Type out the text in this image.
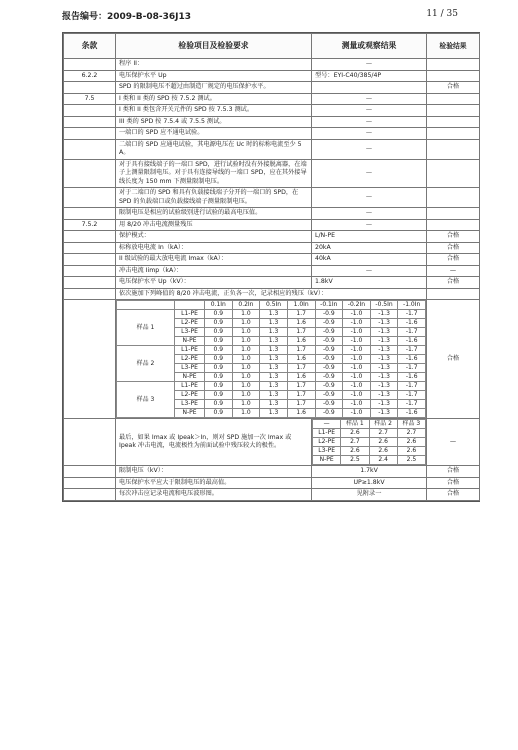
报告编号：2009-B-08-36J13	11 / 35
条款	检验项目及检验要求	测量或观察结果	检验结果
	程序 II：	—	
6.2.2	电压保护水平 Up	型号：EYI-C40/385/4P	
	SPD 的限制电压不超过由制造厂规定的电压保护水平。		合格
7.5	I 类和 II 类的 SPD 按 7.5.2 测试。	—	
	I 类和 II 类包含开关元件的 SPD 按 7.5.3 测试。	—	
	III 类的 SPD 按 7.5.4 或 7.5.5 测试。	—	
	一端口的 SPD 应不通电试验。	—	
	二端口的 SPD 应通电试验，其电源电压在 Uc 时的标称电流至少 5 A。	—	
	对于具有接线端子的一端口 SPD，进行试验时没有外接脱离器，在端子上测量限制电压。对于具有连接导线的一端口 SPD，应在其外接导线长度为 150 mm 下测量限制电压。	—	
	对于二端口的 SPD 和具有负载接线端子分开的一端口的 SPD，在 SPD 的负载端口或负载接线端子测量限制电压。	—	
	限制电压是相应的试验级别进行试验的最高电压值。	—	
7.5.2	用 8/20 冲击电流测量残压	—	
	保护模式：	L/N-PE	合格
	标称放电电流 In（kA）：	20kA	合格
	II 级试验的最大放电电流 Imax（kA）：	40kA	合格
	冲击电流 Iimp（kA）：	—	—
	电压保护水平 Up（kV）：	1.8kV	合格
	依次施加下列峰值的 8/20 冲击电流，正负各一次，记录相应的残压（kV）：	

		0.1In	0.2In	0.5In	1.0In	-0.1In	-0.2In	-0.5In	-1.0In
样品 1	L1-PE	0.9	1.0	1.3	1.7	-0.9	-1.0	-1.3	-1.7
L2-PE	0.9	1.0	1.3	1.6	-0.9	-1.0	-1.3	-1.6
L3-PE	0.9	1.0	1.3	1.7	-0.9	-1.0	-1.3	-1.7
N-PE	0.9	1.0	1.3	1.6	-0.9	-1.0	-1.3	-1.6
样品 2	L1-PE	0.9	1.0	1.3	1.7	-0.9	-1.0	-1.3	-1.7
L2-PE	0.9	1.0	1.3	1.6	-0.9	-1.0	-1.3	-1.6
L3-PE	0.9	1.0	1.3	1.7	-0.9	-1.0	-1.3	-1.7
N-PE	0.9	1.0	1.3	1.6	-0.9	-1.0	-1.3	-1.6
样品 3	L1-PE	0.9	1.0	1.3	1.7	-0.9	-1.0	-1.3	-1.7
L2-PE	0.9	1.0	1.3	1.7	-0.9	-1.0	-1.3	-1.7
L3-PE	0.9	1.0	1.3	1.7	-0.9	-1.0	-1.3	-1.7
N-PE	0.9	1.0	1.3	1.6	-0.9	-1.0	-1.3	-1.6
	合格
	最后，如果 Imax 或 Ipeak＞In，则对 SPD 施加一次 Imax 或 Ipeak 冲击电流，电流极性为前面试验中残压较大的极性。	
—	样品 1	样品 2	样品 3
L1-PE	2.6	2.7	2.7
L2-PE	2.7	2.6	2.6
L3-PE	2.6	2.6	2.6
N-PE	2.5	2.4	2.5
	—
	限制电压（kV）：	1.7kV	合格
	电压保护水平应大于限制电压的最高值。	UP≥1.8kV	合格
	每次冲击应记录电流和电压波形图。	见附录一	合格
